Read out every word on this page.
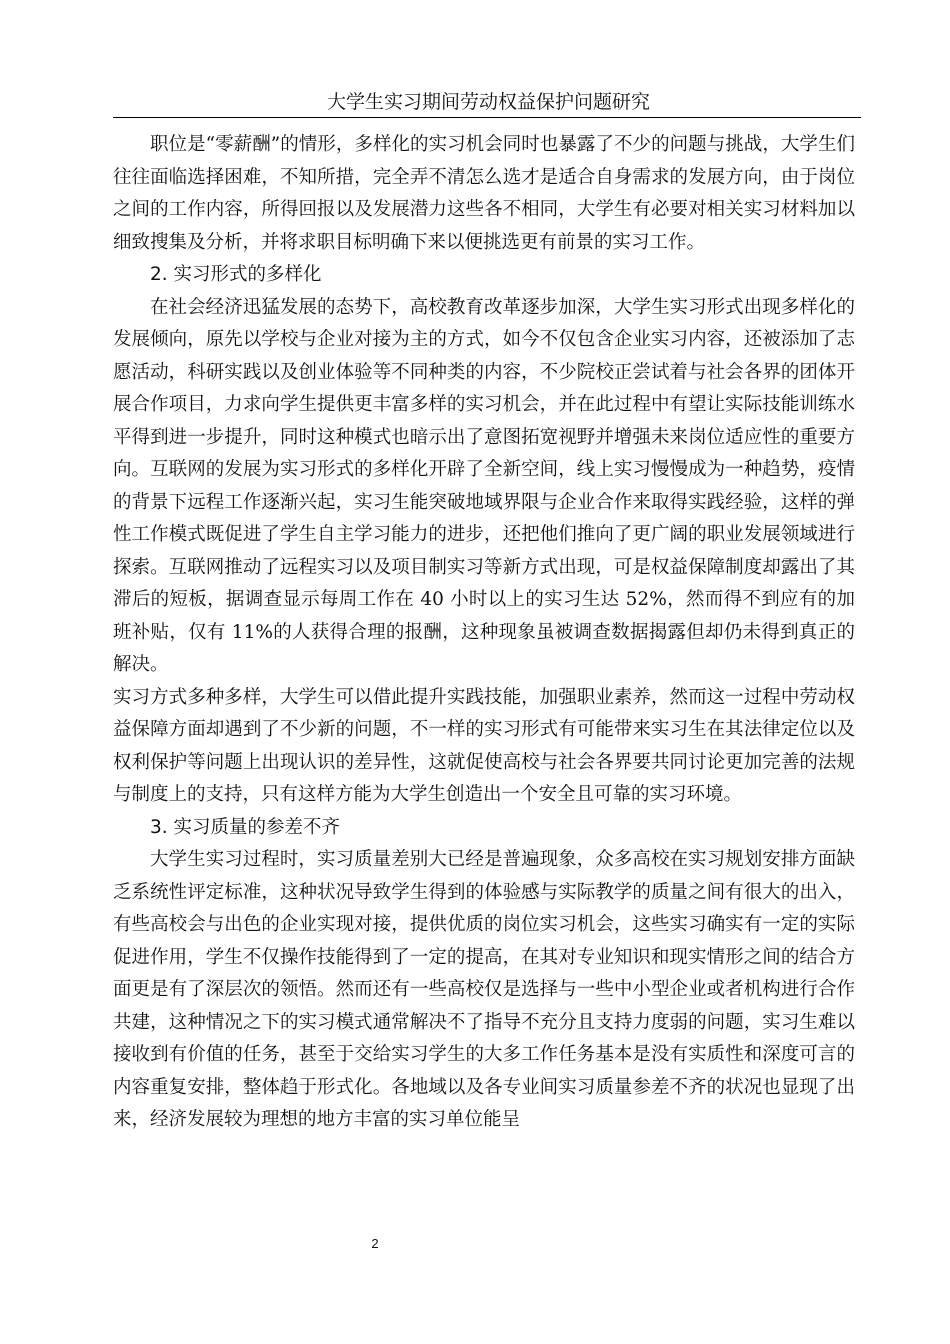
大学生实习期间劳动权益保护问题研究

职位是“零薪酬”的情形，多样化的实习机会同时也暴露了不少的问题与挑战，大学生们往往面临选择困难，不知所措，完全弄不清怎么选才是适合自身需求的发展方向，由于岗位之间的工作内容，所得回报以及发展潜力这些各不相同，大学生有必要对相关实习材料加以细致搜集及分析，并将求职目标明确下来以便挑选更有前景的实习工作。

2. 实习形式的多样化

在社会经济迅猛发展的态势下，高校教育改革逐步加深，大学生实习形式出现多样化的发展倾向，原先以学校与企业对接为主的方式，如今不仅包含企业实习内容，还被添加了志愿活动，科研实践以及创业体验等不同种类的内容，不少院校正尝试着与社会各界的团体开展合作项目，力求向学生提供更丰富多样的实习机会，并在此过程中有望让实际技能训练水平得到进一步提升，同时这种模式也暗示出了意图拓宽视野并增强未来岗位适应性的重要方向。互联网的发展为实习形式的多样化开辟了全新空间，线上实习慢慢成为一种趋势，疫情的背景下远程工作逐渐兴起，实习生能突破地域界限与企业合作来取得实践经验，这样的弹性工作模式既促进了学生自主学习能力的进步，还把他们推向了更广阔的职业发展领域进行探索。互联网推动了远程实习以及项目制实习等新方式出现，可是权益保障制度却露出了其滞后的短板，据调查显示每周工作在 40 小时以上的实习生达 52%，然而得不到应有的加班补贴，仅有 11%的人获得合理的报酬，这种现象虽被调查数据揭露但却仍未得到真正的解决。

实习方式多种多样，大学生可以借此提升实践技能，加强职业素养，然而这一过程中劳动权益保障方面却遇到了不少新的问题，不一样的实习形式有可能带来实习生在其法律定位以及权利保护等问题上出现认识的差异性，这就促使高校与社会各界要共同讨论更加完善的法规与制度上的支持，只有这样方能为大学生创造出一个安全且可靠的实习环境。

3. 实习质量的参差不齐

大学生实习过程时，实习质量差别大已经是普遍现象，众多高校在实习规划安排方面缺乏系统性评定标准，这种状况导致学生得到的体验感与实际教学的质量之间有很大的出入，有些高校会与出色的企业实现对接，提供优质的岗位实习机会，这些实习确实有一定的实际促进作用，学生不仅操作技能得到了一定的提高，在其对专业知识和现实情形之间的结合方面更是有了深层次的领悟。然而还有一些高校仅是选择与一些中小型企业或者机构进行合作共建，这种情况之下的实习模式通常解决不了指导不充分且支持力度弱的问题，实习生难以接收到有价值的任务，甚至于交给实习学生的大多工作任务基本是没有实质性和深度可言的内容重复安排，整体趋于形式化。各地域以及各专业间实习质量参差不齐的状况也显现了出来，经济发展较为理想的地方丰富的实习单位能呈

2
